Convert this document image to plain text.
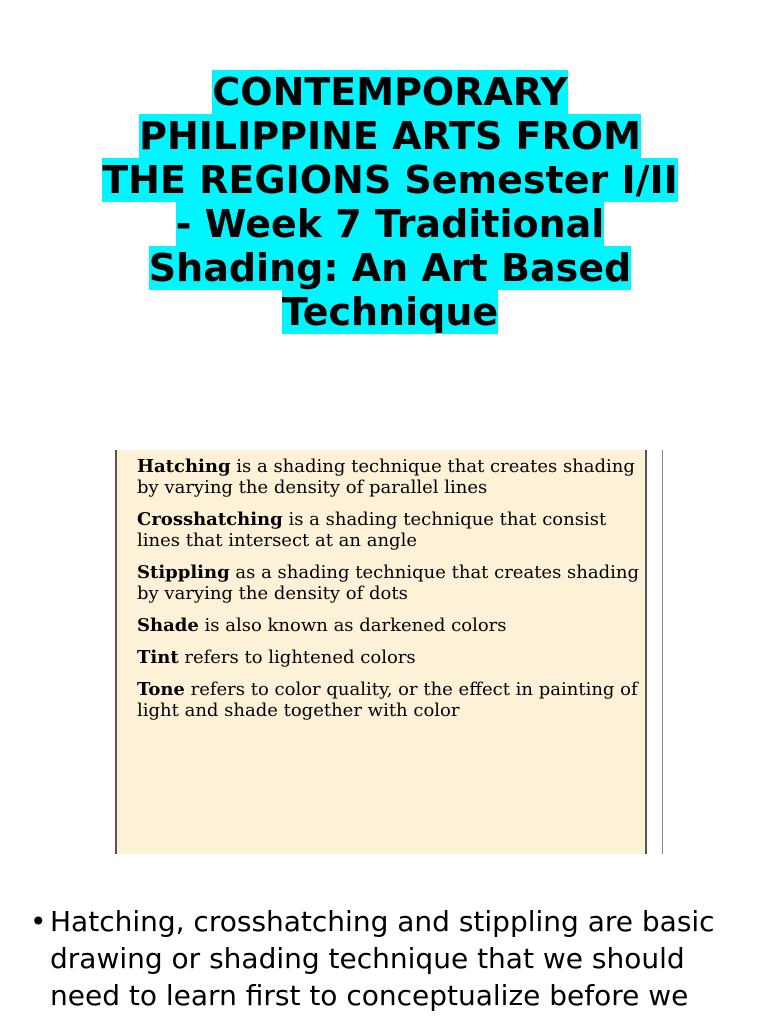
CONTEMPORARY PHILIPPINE ARTS FROM THE REGIONS Semester I/II - Week 7 Traditional Shading: An Art Based Technique
Hatching is a shading technique that creates shading by varying the density of parallel lines
Crosshatching is a shading technique that consist lines that intersect at an angle
Stippling as a shading technique that creates shading by varying the density of dots
Shade is also known as darkened colors
Tint refers to lightened colors
Tone refers to color quality, or the effect in painting of light and shade together with color
• Hatching, crosshatching and stippling are basic drawing or shading technique that we should need to learn first to conceptualize before we
